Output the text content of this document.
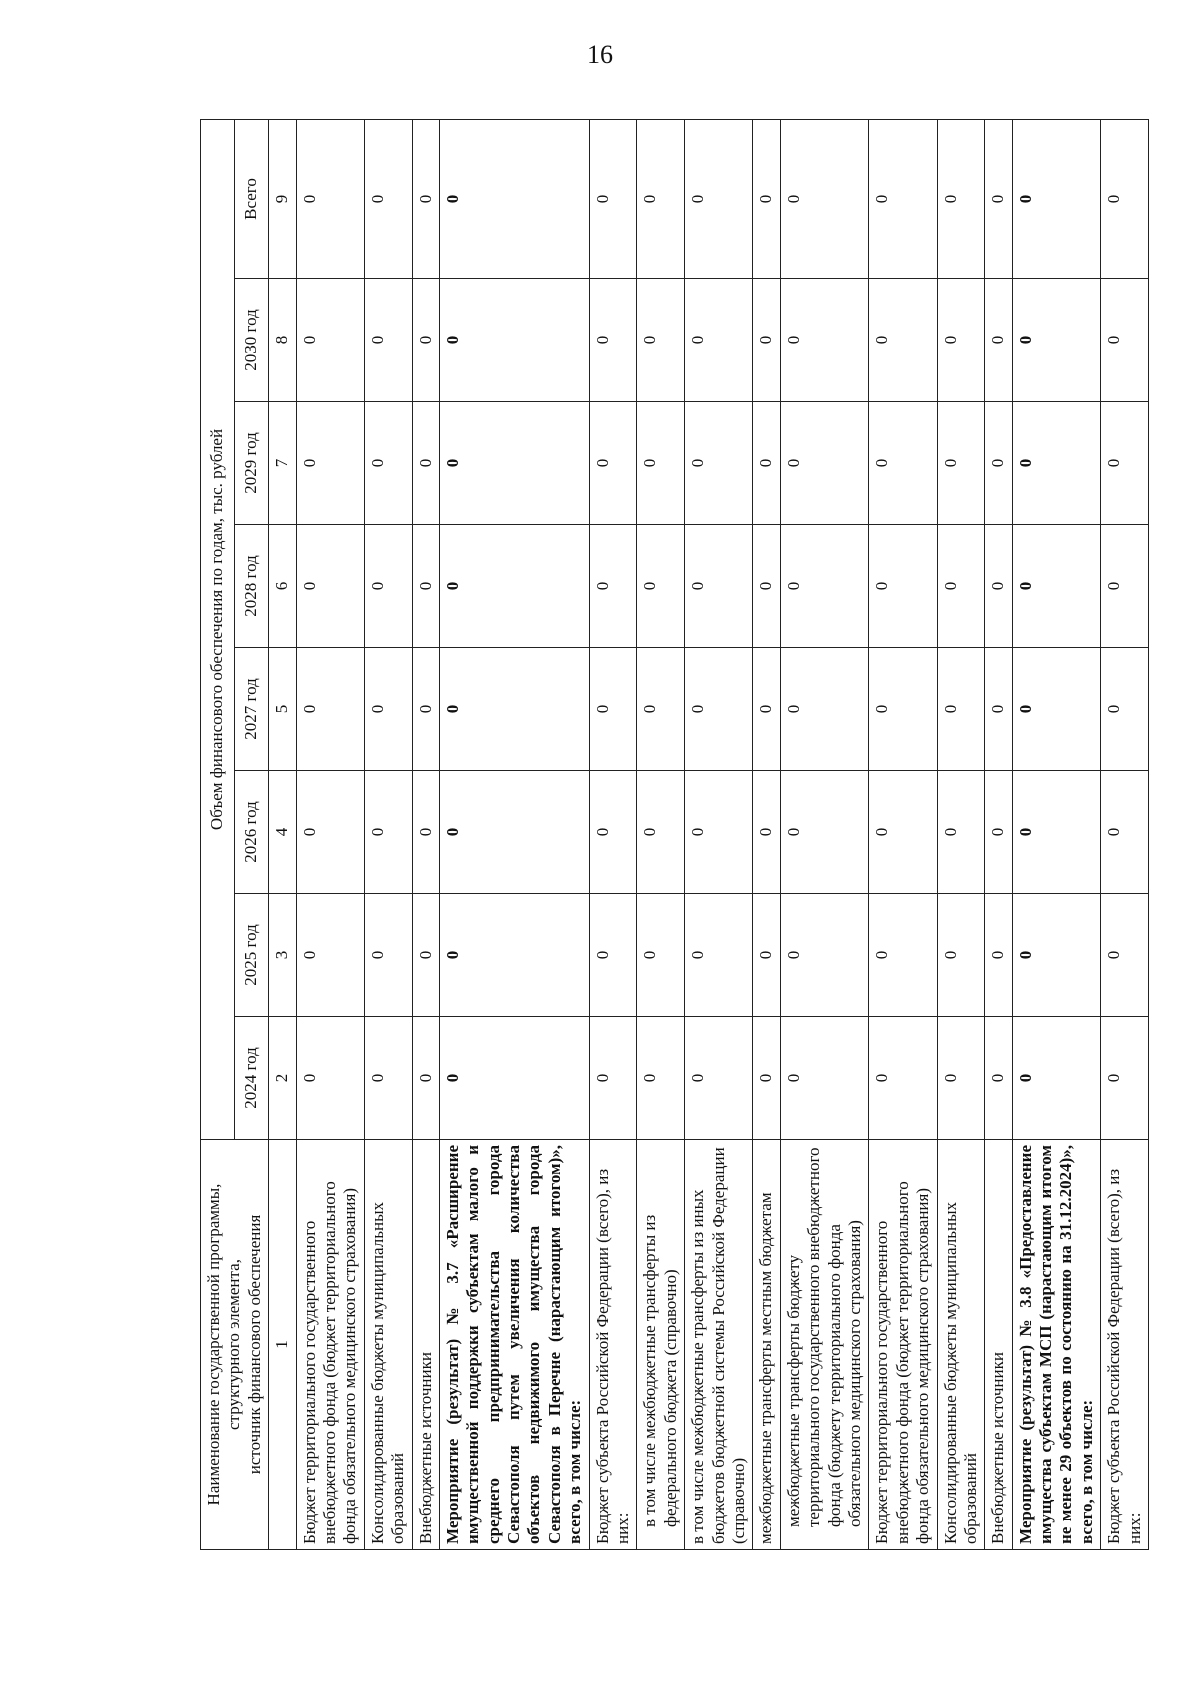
16
Наименование государственной программы, структурного элемента,
источник финансового обеспечения	Объем финансового обеспечения по годам, тыс. рублей							
	2024 год	2025 год	2026 год	2027 год	2028 год	2029 год	2030 год	Всего
1	2	3	4	5	6	7	8	9
Бюджет территориального государственного внебюджетного фонда (бюджет территориального фонда обязательного медицинского страхования)	0	0	0	0	0	0	0	0
Консолидированные бюджеты муниципальных образований	0	0	0	0	0	0	0	0
Внебюджетные источники	0	0	0	0	0	0	0	0
Мероприятие (результат) № 3.7 «Расширение имущественной поддержки субъектам малого и среднего предпринимательства города Севастополя путем увеличения количества объектов недвижимого имущества города Севастополя в Перечне (нарастающим итогом)», всего, в том числе:	0	0	0	0	0	0	0	0
Бюджет субъекта Российской Федерации (всего), из них:	0	0	0	0	0	0	0	0
в том числе межбюджетные трансферты из федерального бюджета (справочно)	0	0	0	0	0	0	0	0
в том числе межбюджетные трансферты из иных бюджетов бюджетной системы Российской Федерации (справочно)	0	0	0	0	0	0	0	0
межбюджетные трансферты местным бюджетам	0	0	0	0	0	0	0	0
межбюджетные трансферты бюджету территориального государственного внебюджетного фонда (бюджету территориального фонда обязательного медицинского страхования)	0	0	0	0	0	0	0	0
Бюджет территориального государственного внебюджетного фонда (бюджет территориального фонда обязательного медицинского страхования)	0	0	0	0	0	0	0	0
Консолидированные бюджеты муниципальных образований	0	0	0	0	0	0	0	0
Внебюджетные источники	0	0	0	0	0	0	0	0
Мероприятие (результат) № 3.8 «Предоставление имущества субъектам МСП (нарастающим итогом не менее 29 объектов по состоянию на 31.12.2024)», всего, в том числе:	0	0	0	0	0	0	0	0
Бюджет субъекта Российской Федерации (всего), из них:	0	0	0	0	0	0	0	0
